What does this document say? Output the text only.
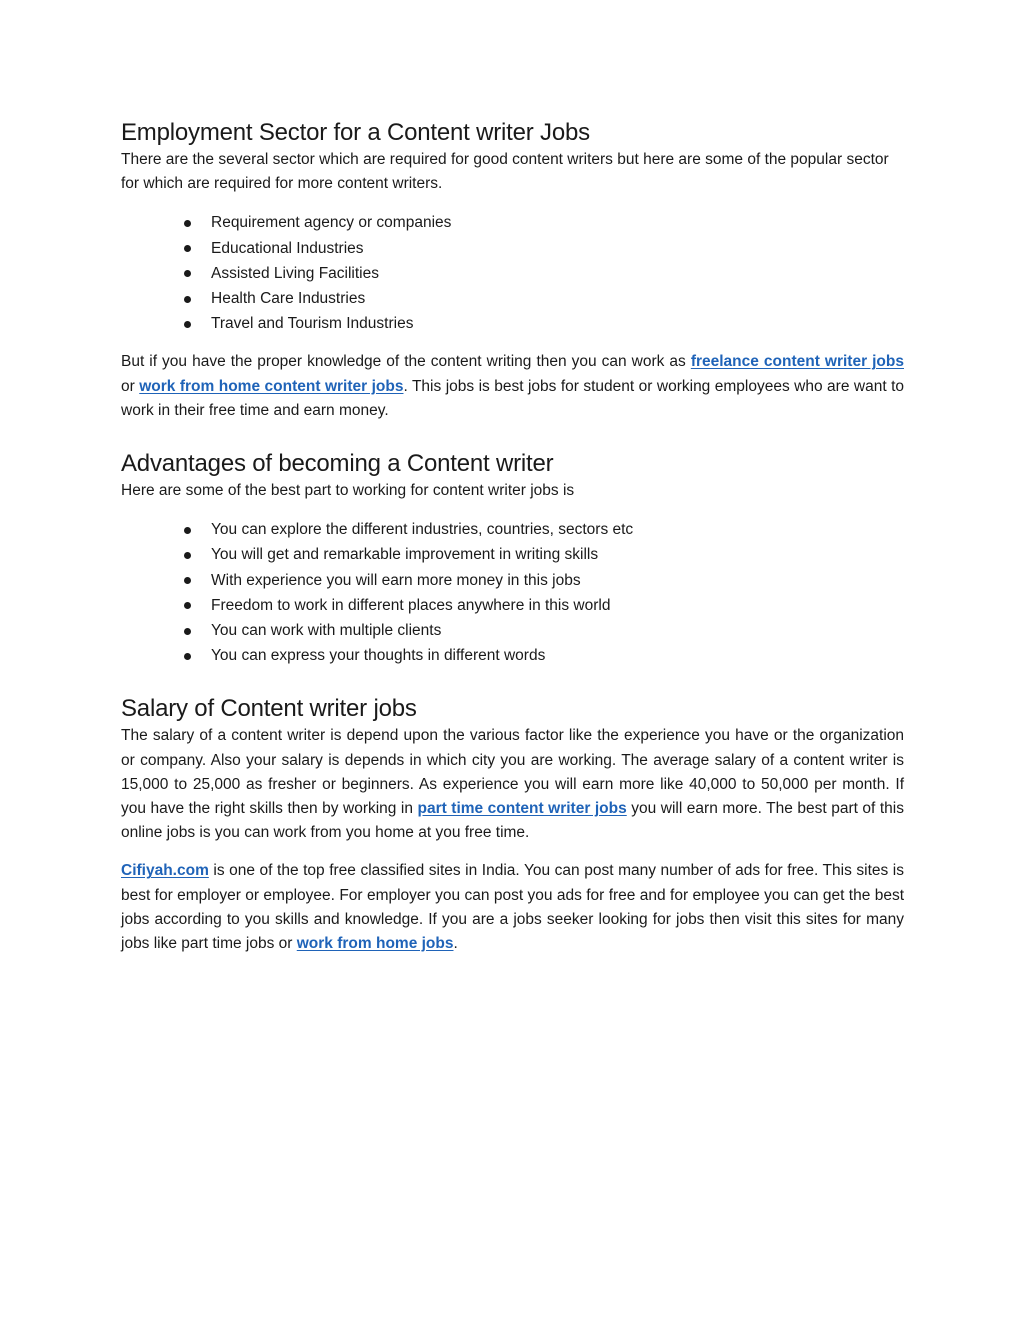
Employment Sector for a Content writer Jobs

There are the several sector which are required for good content writers but here are some of the popular sector for which are required for more content writers.

Requirement agency or companies
Educational Industries
Assisted Living Facilities
Health Care Industries
Travel and Tourism Industries

But if you have the proper knowledge of the content writing then you can work as freelance content writer jobs or work from home content writer jobs. This jobs is best jobs for student or working employees who are want to work in their free time and earn money.

Advantages of becoming a Content writer

Here are some of the best part to working for content writer jobs is

You can explore the different industries, countries, sectors etc
You will get and remarkable improvement in writing skills
With experience you will earn more money in this jobs
Freedom to work in different places anywhere in this world
You can work with multiple clients
You can express your thoughts in different words
Salary of Content writer jobs

The salary of a content writer is depend upon the various factor like the experience you have or the organization or company. Also your salary is depends in which city you are working. The average salary of a content writer is 15,000 to 25,000 as fresher or beginners. As experience you will earn more like 40,000 to 50,000 per month. If you have the right skills then by working in part time content writer jobs you will earn more. The best part of this online jobs is you can work from you home at you free time.

Cifiyah.com is one of the top free classified sites in India. You can post many number of ads for free. This sites is best for employer or employee. For employer you can post you ads for free and for employee you can get the best jobs according to you skills and knowledge. If you are a jobs seeker looking for jobs then visit this sites for many jobs like part time jobs or work from home jobs.
